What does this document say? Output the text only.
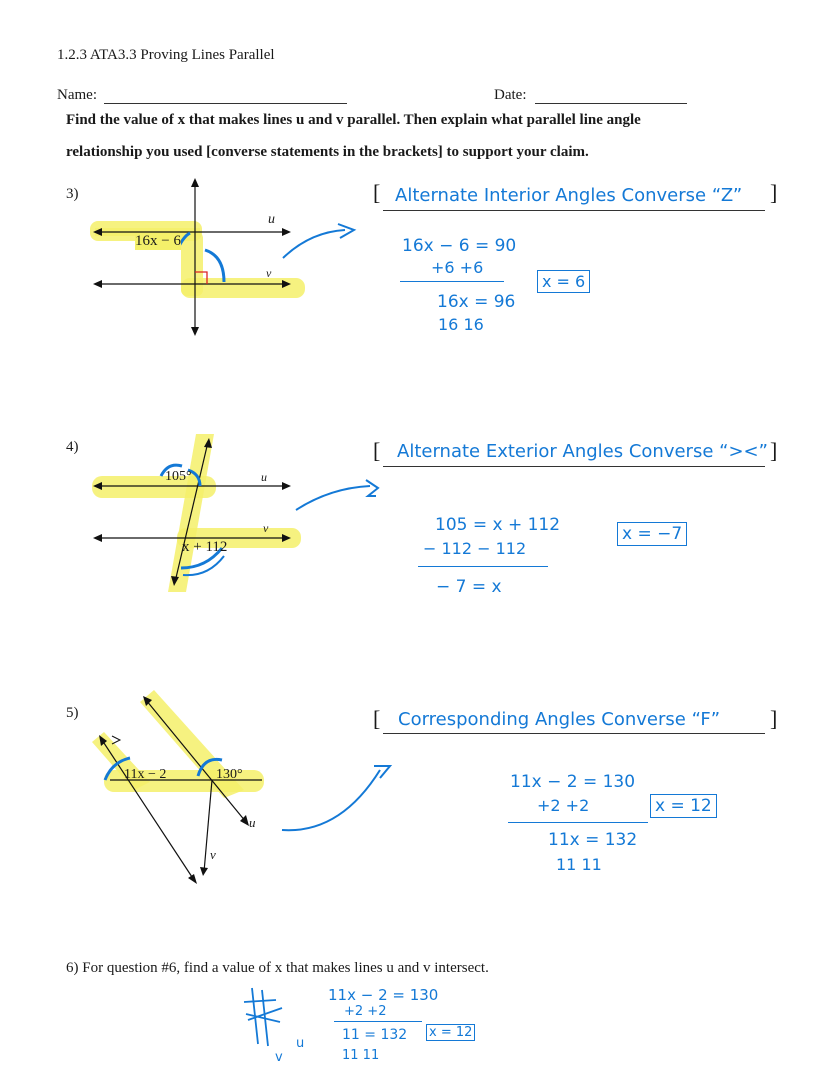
1.2.3 ATA3.3 Proving Lines Parallel
Name:	Date:
Find the value of x that makes lines u and v parallel. Then explain what parallel line angle
relationship you used [converse statements in the brackets] to support your claim.
3)
16x − 6
u
v
[	]
Alternate Interior Angles Converse “Z”
16x − 6 = 90
+6 +6
16x = 96
16 16
x = 6
4)
105°
x + 112
u
v
[	]
Alternate Exterior Angles Converse “><”
105 = x + 112
− 112 − 112
− 7 = x
x = −7
5)
11x − 2	130°
u
v
[	]
Corresponding Angles Converse “F”
11x − 2 = 130
+2 +2
11x = 132
11 11
x = 12
6) For question #6, find a value of x that makes lines u and v intersect.
u
v
11x − 2 = 130
+2 +2
11 = 132
11 11
x = 12
